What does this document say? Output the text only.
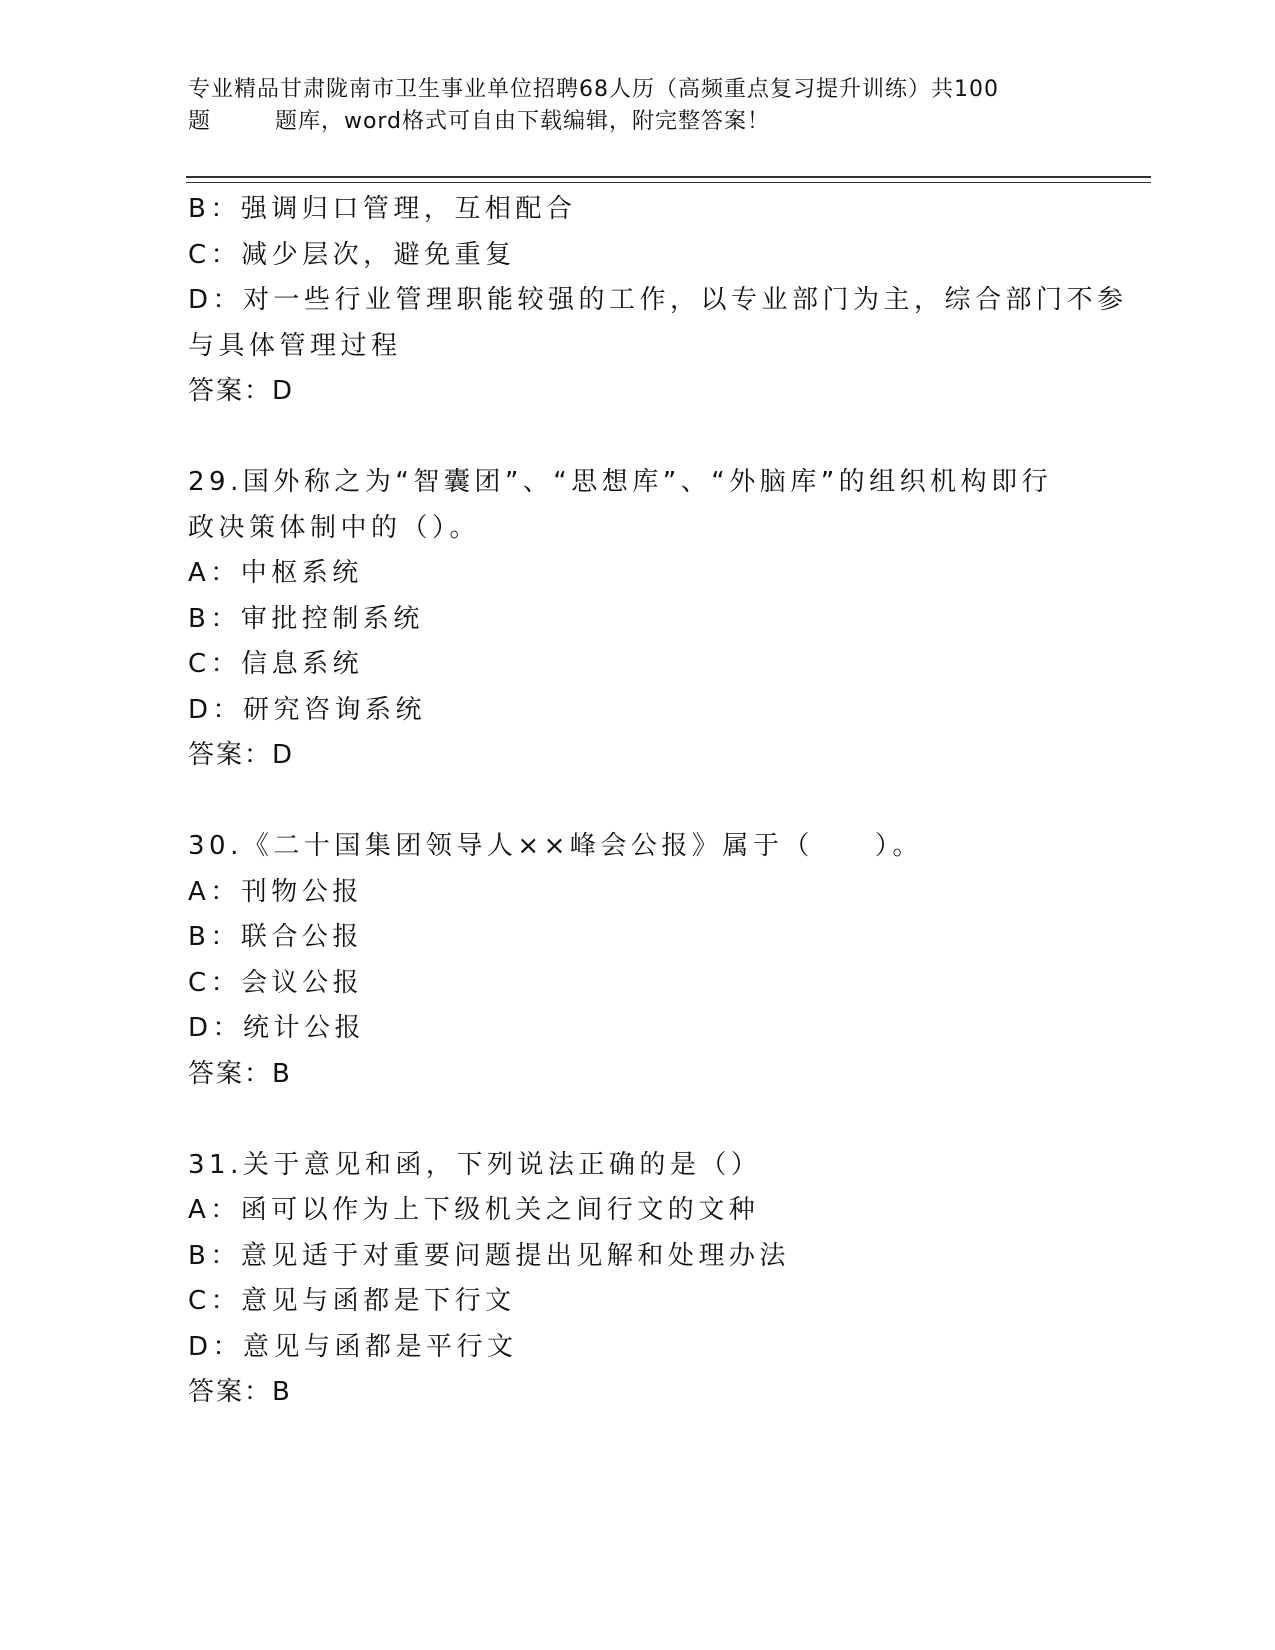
专业精品甘肃陇南市卫生事业单位招聘68人历（高频重点复习提升训练）共100
题        题库，word格式可自由下载编辑，附完整答案！
B：强调归口管理，互相配合
C：减少层次，避免重复
D：对一些行业管理职能较强的工作，以专业部门为主，综合部门不参
与具体管理过程
答案：D
29.国外称之为“智囊团”、“思想库”、“外脑库”的组织机构即行
政决策体制中的（）。
A：中枢系统
B：审批控制系统
C：信息系统
D：研究咨询系统
答案：D
30.《二十国集团领导人××峰会公报》属于（　　）。
A：刊物公报
B：联合公报
C：会议公报
D：统计公报
答案：B
31.关于意见和函，下列说法正确的是（）
A：函可以作为上下级机关之间行文的文种
B：意见适于对重要问题提出见解和处理办法
C：意见与函都是下行文
D：意见与函都是平行文
答案：B
